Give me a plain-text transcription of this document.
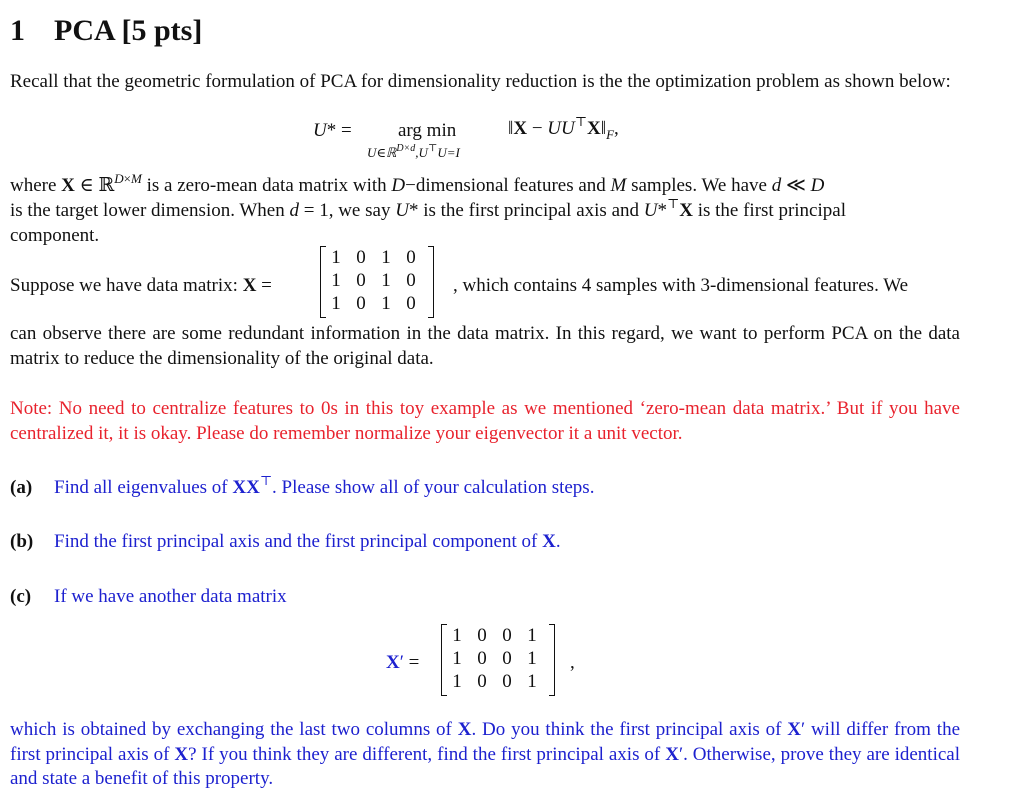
1 PCA [5 pts]
Recall that the geometric formulation of PCA for dimensionality reduction is the the optimization problem as shown below:
U* = arg min
U∈ℝ$^{D\times d}$,U⊤U=I
‖X − $UU^⊤X‖_F$,
where X ∈ ℝ$^{D\times M}$ is a zero-mean data matrix with D−dimensional features and M samples. We have d ≪ D
is the target lower dimension. When d = 1, we say U* is the first principal axis and U*⊤X is the first principal
component.
Suppose we have data matrix: X =
1 0 1 0
1 0 1 0
1 0 1 0
, which contains 4 samples with 3-dimensional features. We
can observe there are some redundant information in the data matrix. In this regard, we want to perform PCA on the data matrix to reduce the dimensionality of the original data.
Note: No need to centralize features to 0s in this toy example as we mentioned ‘zero-mean data matrix.’ But if you have centralized it, it is okay. Please do remember normalize your eigenvector it a unit vector.
(a) Find all eigenvalues of XX⊤. Please show all of your calculation steps.
(b) Find the first principal axis and the first principal component of X.
(c) If we have another data matrix
X′ =
1 0 0 1
1 0 0 1
1 0 0 1
,
which is obtained by exchanging the last two columns of X. Do you think the first principal axis of X′ will differ from the first principal axis of X? If you think they are different, find the first principal axis of X′. Otherwise, prove they are identical and state a benefit of this property.
